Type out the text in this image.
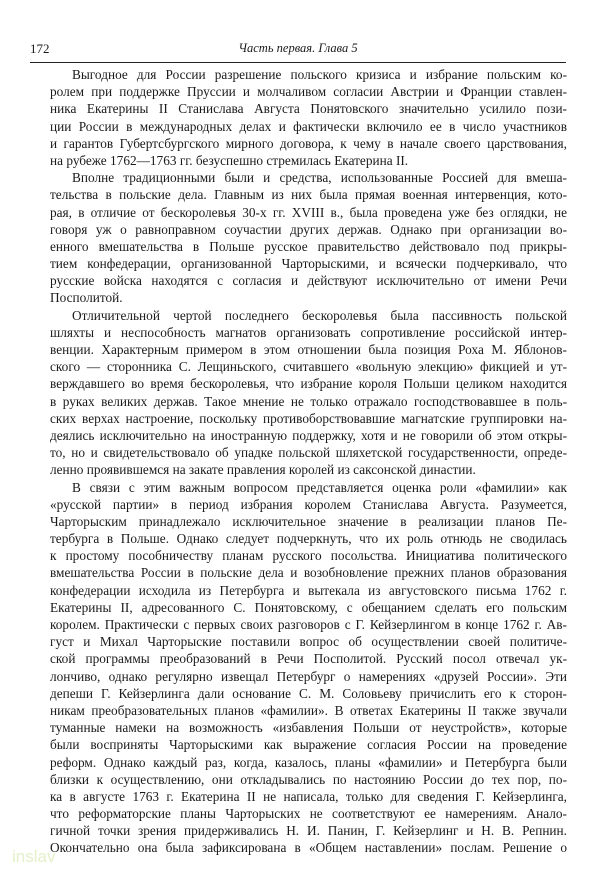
172	Часть первая. Глава 5
Выгодное для России разрешение польского кризиса и избрание польским ко-
ролем при поддержке Пруссии и молчаливом согласии Австрии и Франции ставлен-
ника Екатерины II Станислава Августа Понятовского значительно усилило пози-
ции России в международных делах и фактически включило ее в число участников
и гарантов Губертсбургского мирного договора, к чему в начале своего царствования,
на рубеже 1762—1763 гг. безуспешно стремилась Екатерина II.
Вполне традиционными были и средства, использованные Россией для вмеша-
тельства в польские дела. Главным из них была прямая военная интервенция, кото-
рая, в отличие от бескоролевья 30-х гг. XVIII в., была проведена уже без оглядки, не
говоря уж о равноправном соучастии других держав. Однако при организации во-
енного вмешательства в Польше русское правительство действовало под прикры-
тием конфедерации, организованной Чарторыскими, и всячески подчеркивало, что
русские войска находятся с согласия и действуют исключительно от имени Речи
Посполитой.
Отличительной чертой последнего бескоролевья была пассивность польской
шляхты и неспособность магнатов организовать сопротивление российской интер-
венции. Характерным примером в этом отношении была позиция Роха М. Яблонов-
ского — сторонника С. Лещиньского, считавшего «вольную элекцию» фикцией и ут-
верждавшего во время бескоролевья, что избрание короля Польши целиком находится
в руках великих держав. Такое мнение не только отражало господствовавшее в поль-
ских верхах настроение, поскольку противоборствовавшие магнатские группировки на-
деялись исключительно на иностранную поддержку, хотя и не говорили об этом откры-
то, но и свидетельствовало об упадке польской шляхетской государственности, опреде-
ленно проявившемся на закате правления королей из саксонской династии.
В связи с этим важным вопросом представляется оценка роли «фамилии» как
«русской партии» в период избрания королем Станислава Августа. Разумеется,
Чарторыским принадлежало исключительное значение в реализации планов Пе-
тербурга в Польше. Однако следует подчеркнуть, что их роль отнюдь не сводилась
к простому пособничеству планам русского посольства. Инициатива политического
вмешательства России в польские дела и возобновление прежних планов образования
конфедерации исходила из Петербурга и вытекала из августовского письма 1762 г.
Екатерины II, адресованного С. Понятовскому, с обещанием сделать его польским
королем. Практически с первых своих разговоров с Г. Кейзерлингом в конце 1762 г. Ав-
густ и Михал Чарторыские поставили вопрос об осуществлении своей политиче-
ской программы преобразований в Речи Посполитой. Русский посол отвечал ук-
лончиво, однако регулярно извещал Петербург о намерениях «друзей России». Эти
депеши Г. Кейзерлинга дали основание С. М. Соловьеву причислить его к сторон-
никам преобразовательных планов «фамилии». В ответах Екатерины II также звучали
туманные намеки на возможность «избавления Польши от неустройств», которые
были восприняты Чарторыскими как выражение согласия России на проведение
реформ. Однако каждый раз, когда, казалось, планы «фамилии» и Петербурга были
близки к осуществлению, они откладывались по настоянию России до тех пор, по-
ка в августе 1763 г. Екатерина II не написала, только для сведения Г. Кейзерлинга,
что реформаторские планы Чарторыских не соответствуют ее намерениям. Анало-
гичной точки зрения придерживались Н. И. Панин, Г. Кейзерлинг и Н. В. Репнин.
Окончательно она была зафиксирована в «Общем наставлении» послам. Решение о
inslav
